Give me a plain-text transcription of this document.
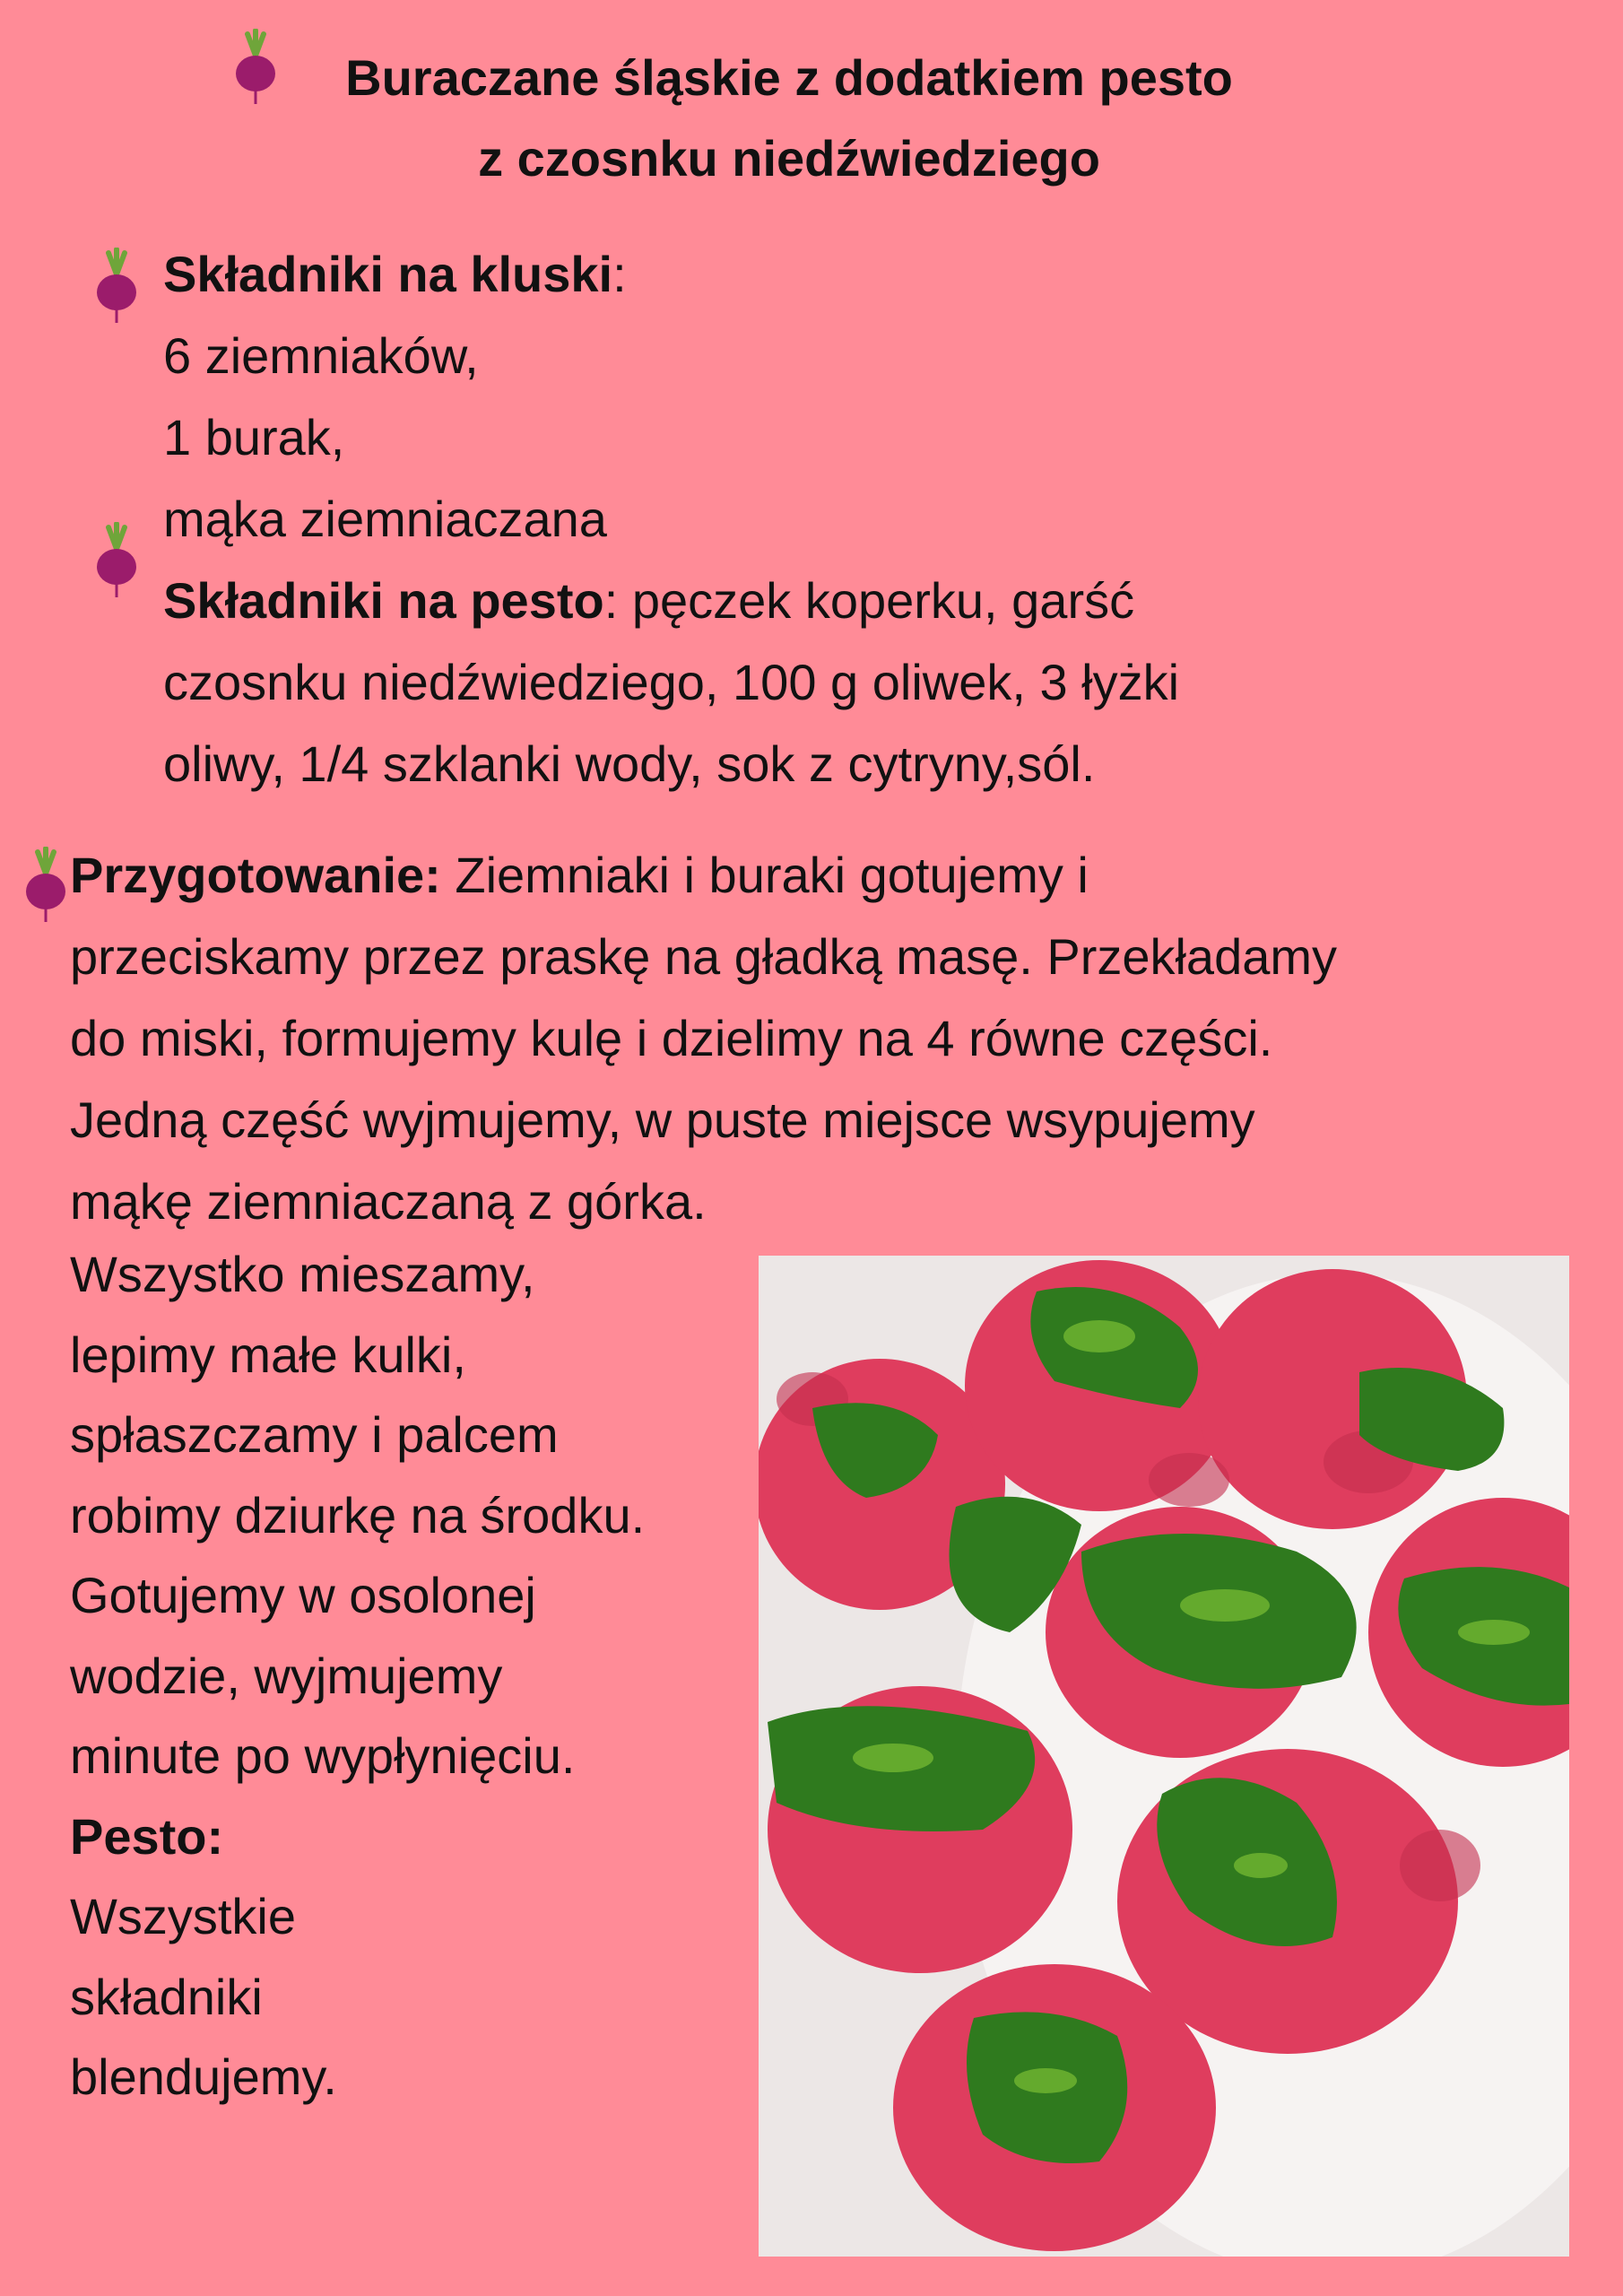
Buraczane śląskie z dodatkiem pesto
z czosnku niedźwiedziego
Składniki na kluski:
6 ziemniaków,
1 burak,
mąka ziemniaczana
Składniki na pesto: pęczek koperku, garść
czosnku niedźwiedziego, 100 g oliwek, 3 łyżki
oliwy, 1/4 szklanki wody, sok z cytryny,sól.
Przygotowanie: Ziemniaki i buraki gotujemy i
przeciskamy przez praskę na gładką masę. Przekładamy
do miski, formujemy kulę i dzielimy na 4 równe części.
Jedną część wyjmujemy, w puste miejsce wsypujemy
mąkę ziemniaczaną z górka.
Wszystko mieszamy,
lepimy małe kulki,
spłaszczamy i palcem
robimy dziurkę na środku.
Gotujemy w osolonej
wodzie, wyjmujemy
minute po wypłynięciu.
Pesto:
Wszystkie
składniki
blendujemy.
